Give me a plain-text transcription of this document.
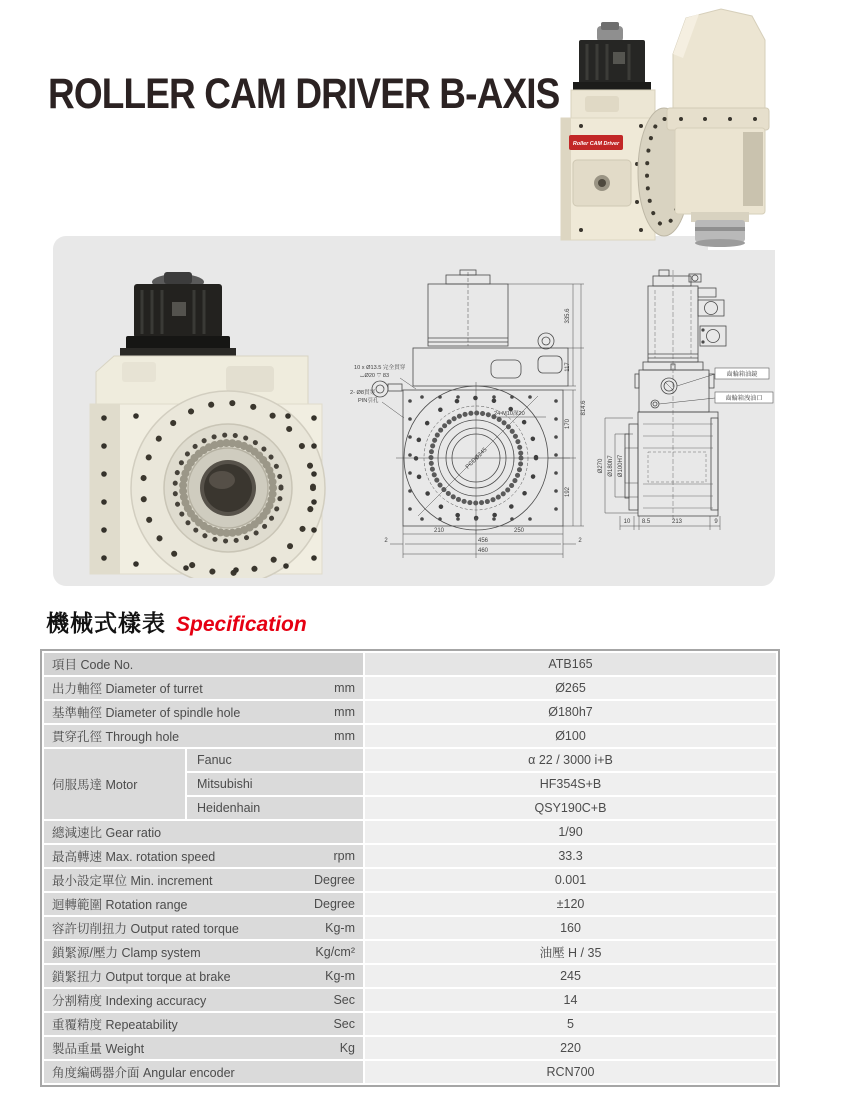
ROLLER CAM DRIVER B-AXIS
Roller CAM Driver
335.6
117
814.6
170
192
210	250
456
2	2
460
10 x Ø13.5 完全貫穿
⌴Ø20 ▽ 83
2- Ø8貫穿
PIN引孔
24-M10深20
PCDØ245
齒輪箱油鏡
齒輪箱洩油口
Ø270 Ø180h7 Ø100H7
10 8.5	213	9
機械式樣表 Specification
項目 Code No.		ATB165

出力軸徑 Diameter of turret mm		Ø265

基準軸徑 Diameter of spindle hole mm		Ø180h7

貫穿孔徑 Through hole mm		Ø100
伺服馬達 Motor	Fanuc	α 22 / 3000 i+B
	Mitsubishi	HF354S+B
	Heidenhain	QSY190C+B

總減速比 Gear ratio		1/90

最高轉速 Max. rotation speed rpm		33.3

最小設定單位 Min. increment Degree		0.001

迴轉範圍 Rotation range Degree		±120

容許切削扭力 Output rated torque Kg-m		160

鎖緊源/壓力 Clamp system Kg/cm²		油壓 H / 35

鎖緊扭力 Output torque at brake Kg-m		245

分割精度 Indexing accuracy Sec		14

重覆精度 Repeatability Sec		5

製品重量 Weight Kg		220

角度編碼器介面 Angular encoder		RCN700
